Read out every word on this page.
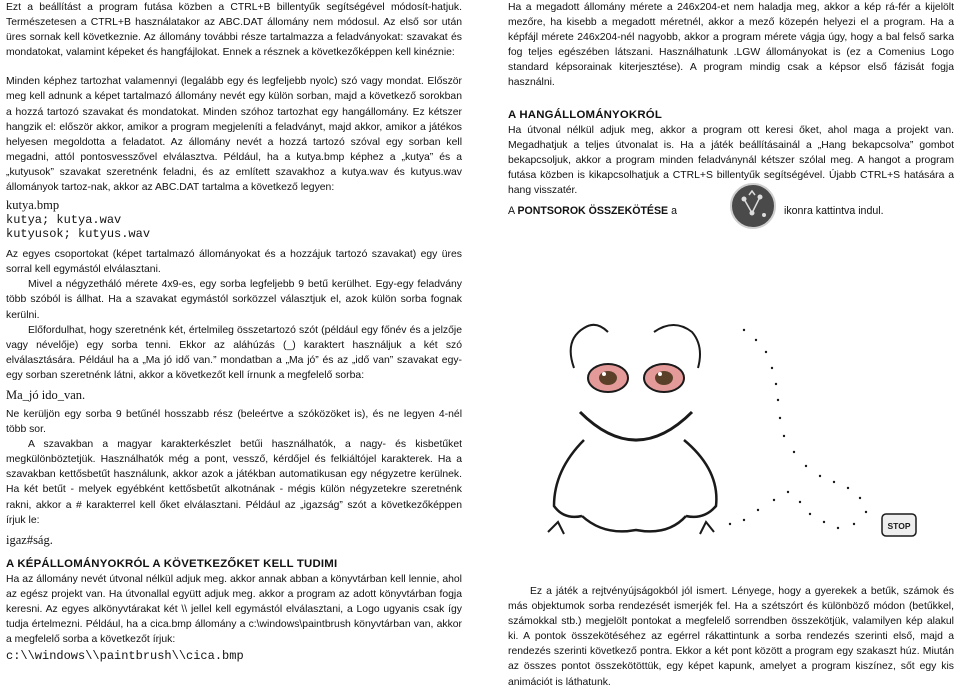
Ezt a beállítást a program futása közben a CTRL+B billentyűk segítségével módosít-hatjuk. Természetesen a CTRL+B használatakor az ABC.DAT állomány nem módosul. Az első sor után üres sornak kell következnie. Az állomány további része tartalmazza a feladványokat: szavakat és mondatokat, valamint képeket és hangfájlokat. Ennek a résznek a következőképpen kell kinéznie:

Minden képhez tartozhat valamennyi (legalább egy és legfeljebb nyolc) szó vagy mondat. Először meg kell adnunk a képet tartalmazó állomány nevét egy külön sorban, majd a következő sorokban a hozzá tartozó szavakat és mondatokat. Minden szóhoz tartozhat egy hangállomány. Ez kétszer hangzik el: először akkor, amikor a program megjeleníti a feladványt, majd akkor, amikor a játékos helyesen megoldotta a feladatot. Az állomány nevét a hozzá tartozó szóval egy sorban kell megadni, attól pontosvesszővel elválasztva. Például, ha a kutya.bmp képhez a „kutya” és a „kutyusok” szavakat szeretnénk feladni, és az említett szavakhoz a kutya.wav és kutyus.wav állományok tartoz-nak, akkor az ABC.DAT tartalma a következő legyen:

kutya.bmp
kutya; kutya.wav
kutyusok; kutyus.wav

Az egyes csoportokat (képet tartalmazó állományokat és a hozzájuk tartozó szavakat) egy üres sorral kell egymástól elválasztani.

Mivel a négyzetháló mérete 4x9-es, egy sorba legfeljebb 9 betű kerülhet. Egy-egy feladvány több szóból is állhat. Ha a szavakat egymástól sorközzel választjuk el, azok külön sorba fognak kerülni.

Előfordulhat, hogy szeretnénk két, értelmileg összetartozó szót (például egy főnév és a jelzője vagy névelője) egy sorba tenni. Ekkor az aláhúzás (_) karaktert használjuk a két szó elválasztására. Például ha a „Ma jó idő van.” mondatban a „Ma jó” és az „idő van” szavakat egy-egy sorban szeretnénk látni, akkor a következőt kell írnunk a megfelelő sorba:

Ma_jó ido_van.

Ne kerüljön egy sorba 9 betűnél hosszabb rész (beleértve a szóközöket is), és ne legyen 4-nél több sor.

A szavakban a magyar karakterkészlet betűi használhatók, a nagy- és kisbetűket megkülönböztetjük. Használhatók még a pont, vessző, kérdőjel és felkiáltójel karakterek. Ha a szavakban kettősbetűt használunk, akkor azok a játékban automatikusan egy négyzetre kerülnek. Ha két betűt - melyek egyébként kettősbetűt alkotnának - mégis külön négyzetekre szeretnénk rakni, akkor a # karakterrel kell őket elválasztani. Például az „igazság” szót a következőképpen írjuk le:

igaz#ság.
A KÉPÁLLOMÁNYOKRÓL A KÖVETKEZŐKET KELL TUDIMI

Ha az állomány nevét útvonal nélkül adjuk meg. akkor annak abban a könyvtárban kell lennie, ahol az egész projekt van. Ha útvonallal együtt adjuk meg. akkor a program az adott könyvtárban fogja keresni. Az egyes alkönyvtárakat két \\ jellel kell egymástól elválasztani, a Logo ugyanis csak így tudja értelmezni. Például, ha a cica.bmp állomány a c:\windows\paintbrush könyvtárban van, akkor a megfelelő sorba a következőt írjuk:

c:\\windows\\paintbrush\\cica.bmp

Ha a megadott állomány mérete a 246x204-et nem haladja meg, akkor a kép rá-fér a kijelölt mezőre, ha kisebb a megadott méretnél, akkor a mező közepén helyezi el a program. Ha a képfájl mérete 246x204-nél nagyobb, akkor a program mérete vágja úgy, hogy a bal felső sarka fog teljes egészében látszani. Használhatunk .LGW állományokat is (ez a Comenius Logo standard képsorainak kiterjesztése). A program mindig csak a képsor első fázisát fogja használni.

A HANGÁLLOMÁNYOKRÓL

Ha útvonal nélkül adjuk meg, akkor a program ott keresi őket, ahol maga a projekt van. Megadhatjuk a teljes útvonalat is. Ha a játék beállításainál a „Hang bekapcsolva” gombot bekapcsoljuk, akkor a program minden feladványnál kétszer szólal meg. A hangot a program futása közben is kikapcsolhatjuk a CTRL+S billentyűk segítségével. Újabb CTRL+S hatására a hang visszatér.

A PONTSOROK ÖSSZEKÖTÉSE a	ikonra kattintva indul.
STOP

Ez a játék a rejtvényújságokból jól ismert. Lényege, hogy a gyerekek a betűk, számok és más objektumok sorba rendezését ismerjék fel. Ha a szétszórt és különböző módon (betűkkel, számokkal stb.) megjelölt pontokat a megfelelő sorrendben összekötjük, valamilyen kép alakul ki. A pontok összekötéséhez az egérrel rákattintunk a sorba rendezés szerinti első, majd a rendezés szerinti következő pontra. Ekkor a két pont között a program egy szakaszt húz. Miután az összes pontot összekötöttük, egy képet kapunk, amelyet a program kiszínez, sőt egy kis animációt is láthatunk.
